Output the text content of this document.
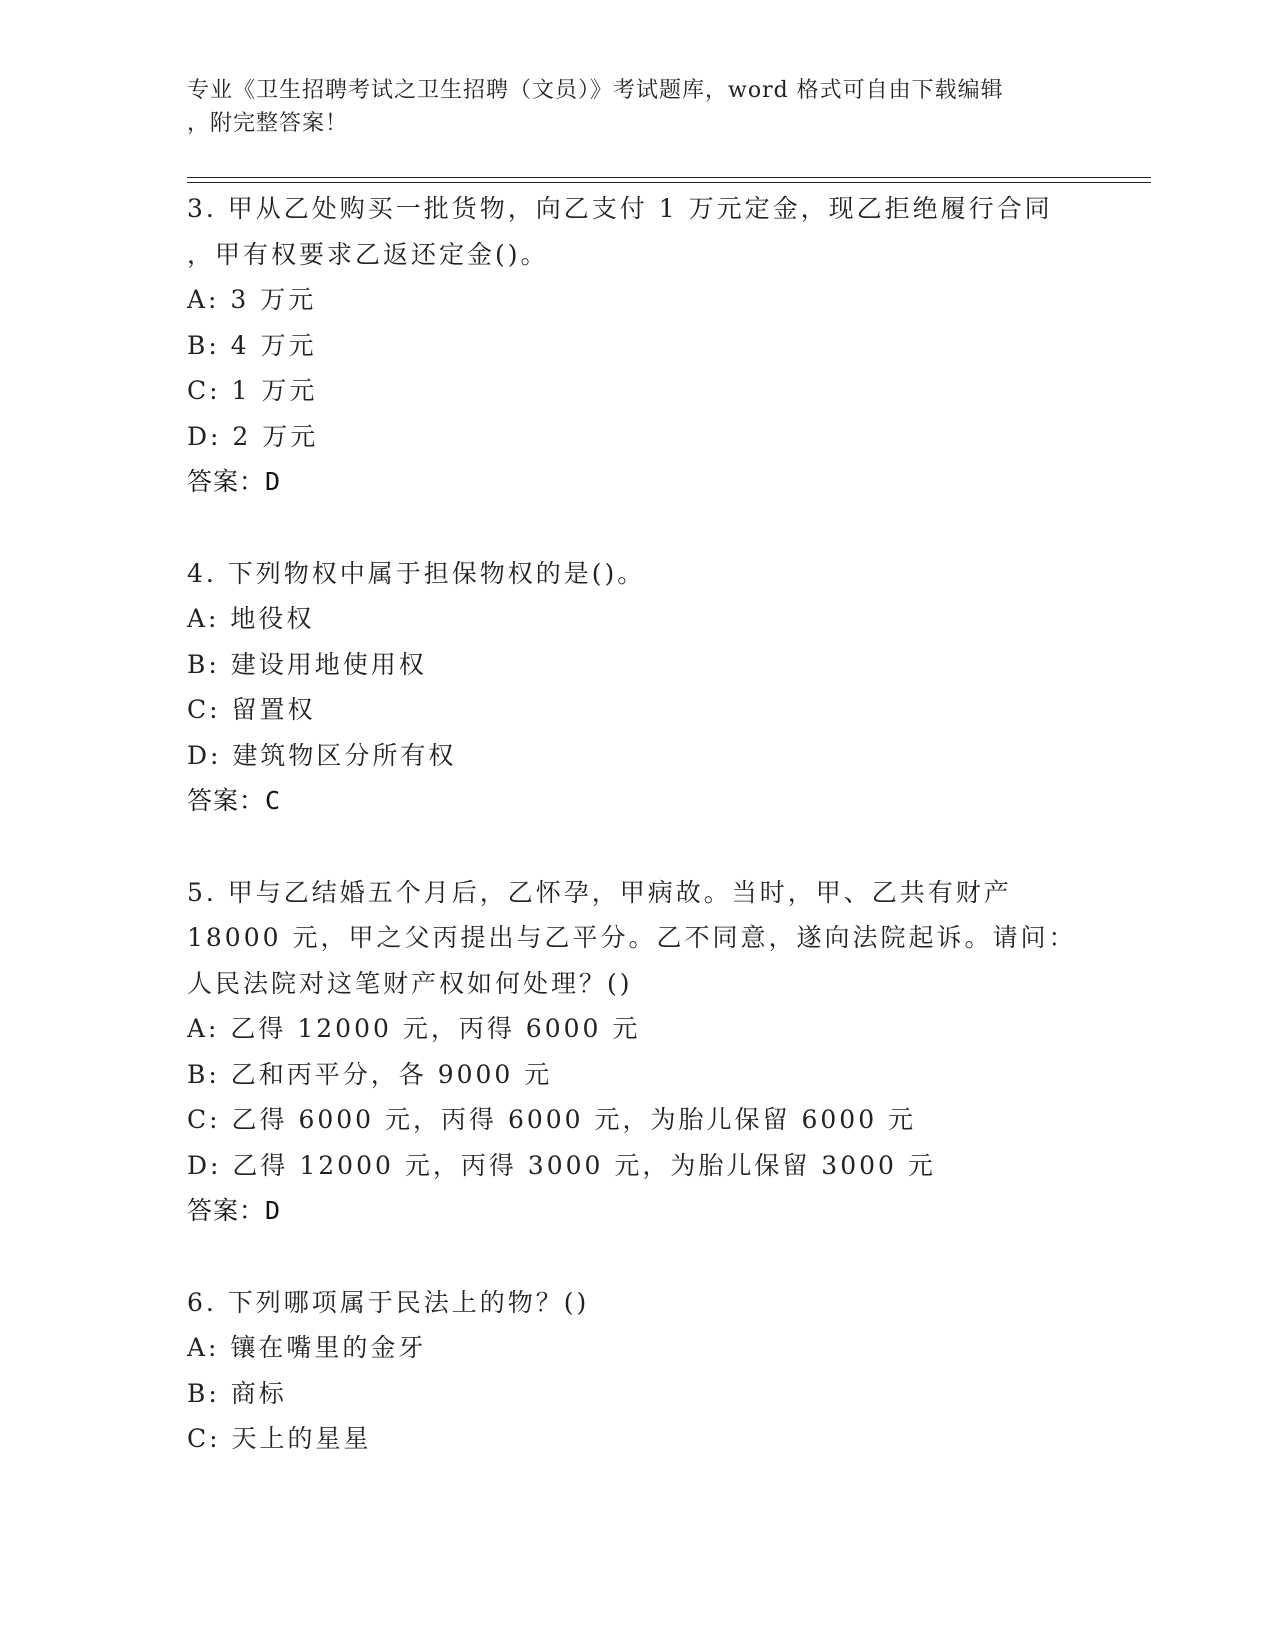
专业《卫生招聘考试之卫生招聘（文员）》考试题库，word 格式可自由下载编辑
，附完整答案！
3. 甲从乙处购买一批货物，向乙支付 1 万元定金，现乙拒绝履行合同
，甲有权要求乙返还定金()。
A: 3 万元
B: 4 万元
C: 1 万元
D: 2 万元
答案：D
4. 下列物权中属于担保物权的是()。
A: 地役权
B: 建设用地使用权
C: 留置权
D: 建筑物区分所有权
答案：C
5. 甲与乙结婚五个月后，乙怀孕，甲病故。当时，甲、乙共有财产
18000 元，甲之父丙提出与乙平分。乙不同意，遂向法院起诉。请问：
人民法院对这笔财产权如何处理？()
A: 乙得 12000 元，丙得 6000 元
B: 乙和丙平分，各 9000 元
C: 乙得 6000 元，丙得 6000 元，为胎儿保留 6000 元
D: 乙得 12000 元，丙得 3000 元，为胎儿保留 3000 元
答案：D
6. 下列哪项属于民法上的物？()
A: 镶在嘴里的金牙
B: 商标
C: 天上的星星
